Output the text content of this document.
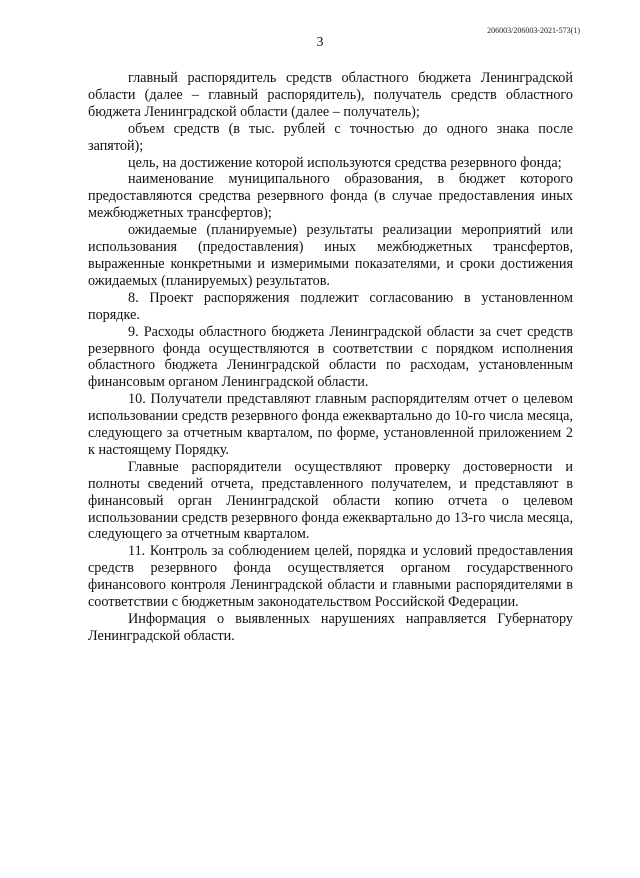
206003/206003-2021-573(1)
3

главный распорядитель средств областного бюджета Ленинградской области (далее – главный распорядитель), получатель средств областного бюджета Ленинградской области (далее – получатель);

объем средств (в тыс. рублей с точностью до одного знака после запятой);

цель, на достижение которой используются средства резервного фонда;

наименование муниципального образования, в бюджет которого предоставляются средства резервного фонда (в случае предоставления иных межбюджетных трансфертов);

ожидаемые (планируемые) результаты реализации мероприятий или использования (предоставления) иных межбюджетных трансфертов, выраженные конкретными и измеримыми показателями, и сроки достижения ожидаемых (планируемых) результатов.

8. Проект распоряжения подлежит согласованию в установленном порядке.

9. Расходы областного бюджета Ленинградской области за счет средств резервного фонда осуществляются в соответствии с порядком исполнения областного бюджета Ленинградской области по расходам, установленным финансовым органом Ленинградской области.

10. Получатели представляют главным распорядителям отчет о целевом использовании средств резервного фонда ежеквартально до 10-го числа месяца, следующего за отчетным кварталом, по форме, установленной приложением 2 к настоящему Порядку.

Главные распорядители осуществляют проверку достоверности и полноты сведений отчета, представленного получателем, и представляют в финансовый орган Ленинградской области копию отчета о целевом использовании средств резервного фонда ежеквартально до 13-го числа месяца, следующего за отчетным кварталом.

11. Контроль за соблюдением целей, порядка и условий предоставления средств резервного фонда осуществляется органом государственного финансового контроля Ленинградской области и главными распорядителями в соответствии с бюджетным законодательством Российской Федерации.

Информация о выявленных нарушениях направляется Губернатору Ленинградской области.
